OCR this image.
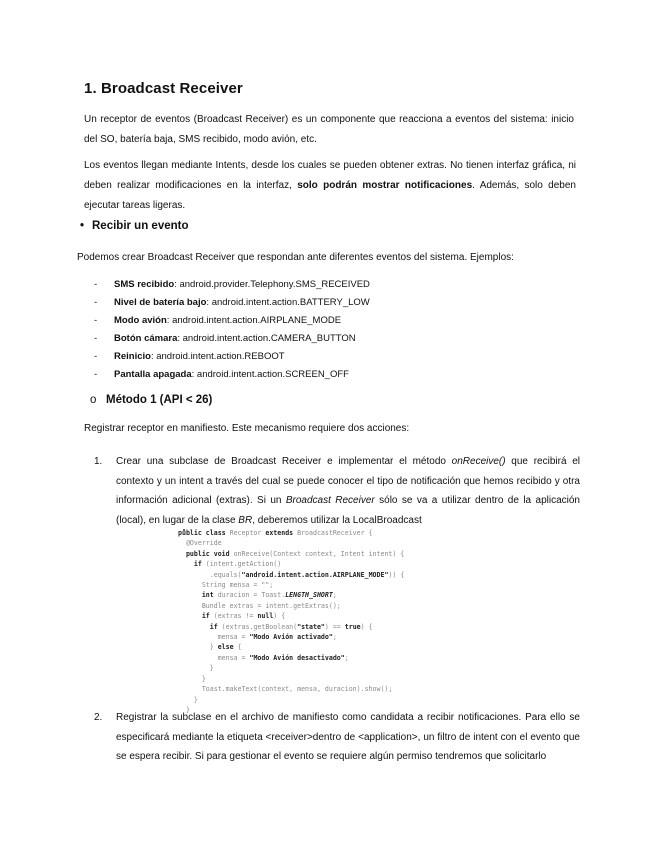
1. Broadcast Receiver
Un receptor de eventos (Broadcast Receiver) es un componente que reacciona a eventos del sistema: inicio del SO, batería baja, SMS recibido, modo avión, etc.
Los eventos llegan mediante Intents, desde los cuales se pueden obtener extras. No tienen interfaz gráfica, ni deben realizar modificaciones en la interfaz, solo podrán mostrar notificaciones. Además, solo deben ejecutar tareas ligeras.
• Recibir un evento
Podemos crear Broadcast Receiver que respondan ante diferentes eventos del sistema. Ejemplos:
- SMS recibido: android.provider.Telephony.SMS_RECEIVED
- Nivel de batería bajo: android.intent.action.BATTERY_LOW
- Modo avión: android.intent.action.AIRPLANE_MODE
- Botón cámara: android.intent.action.CAMERA_BUTTON
- Reinicio: android.intent.action.REBOOT
- Pantalla apagada: android.intent.action.SCREEN_OFF
o Método 1 (API < 26)
Registrar receptor en manifiesto. Este mecanismo requiere dos acciones:
1. Crear una subclase de Broadcast Receiver e implementar el método onReceive() que recibirá el contexto y un intent a través del cual se puede conocer el tipo de notificación que hemos recibido y otra información adicional (extras). Si un Broadcast Receiver sólo se va a utilizar dentro de la aplicación (local), en lugar de la clase BR, deberemos utilizar la LocalBroadcast
public class Receptor extends BroadcastReceiver {
@Override
public void onReceive(Context context, Intent intent) {
if (intent.getAction()
.equals("android.intent.action.AIRPLANE_MODE")) {
String mensa = "";
int duracion = Toast.LENGTH_SHORT;
Bundle extras = intent.getExtras();
if (extras != null) {
if (extras.getBoolean("state") == true) {
mensa = "Modo Avión activado";
} else {
mensa = "Modo Avión desactivado";
}
}
Toast.makeText(context, mensa, duracion).show();
}
}
2. Registrar la subclase en el archivo de manifiesto como candidata a recibir notificaciones. Para ello se especificará mediante la etiqueta <receiver>dentro de <application>, un filtro de intent con el evento que se espera recibir. Si para gestionar el evento se requiere algún permiso tendremos que solicitarlo
